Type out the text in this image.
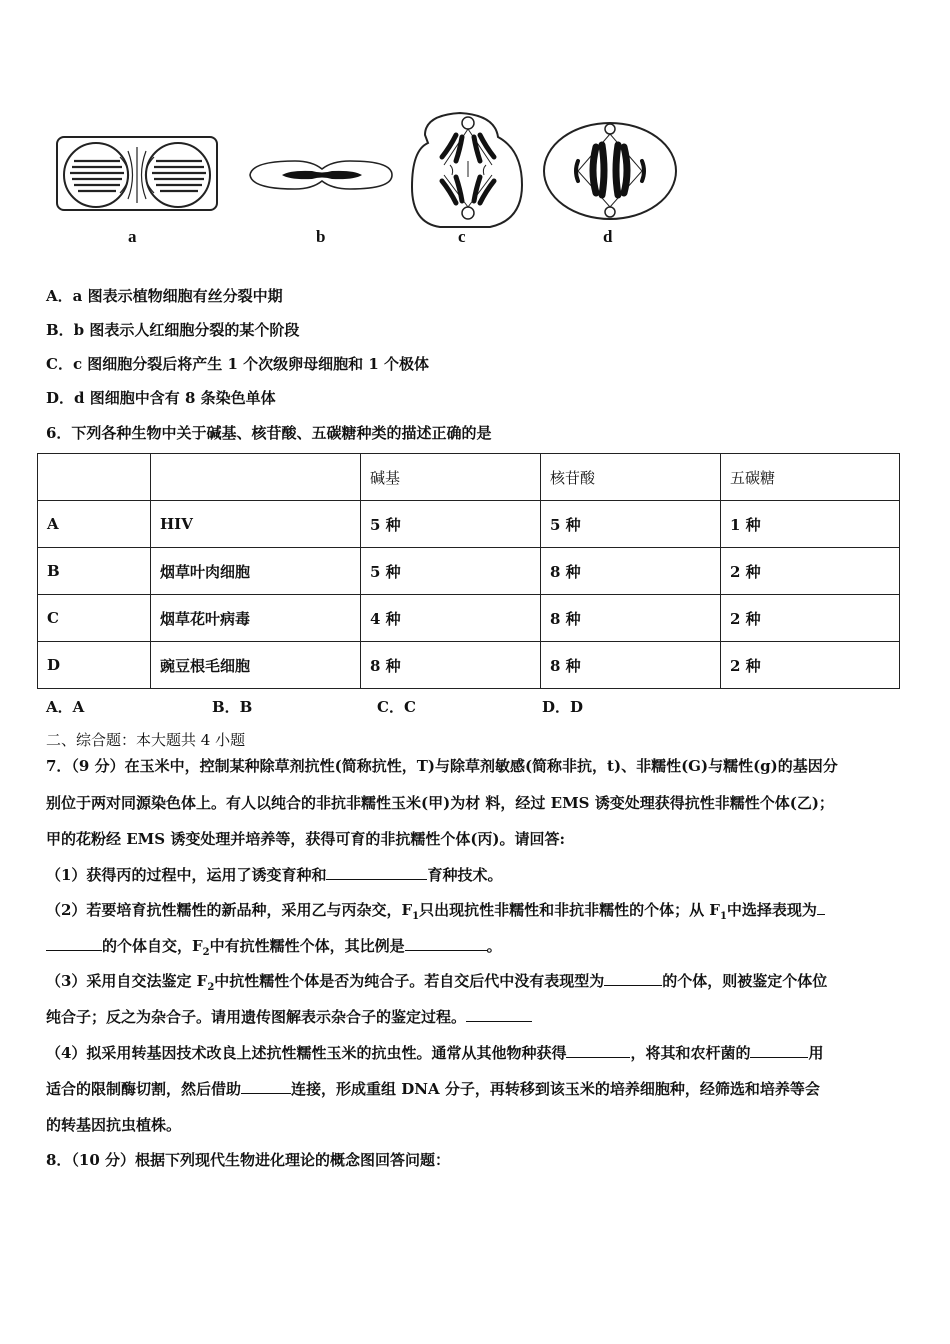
a	b	c	d
A．a 图表示植物细胞有丝分裂中期
B．b 图表示人红细胞分裂的某个阶段
C．c 图细胞分裂后将产生 1 个次级卵母细胞和 1 个极体
D．d 图细胞中含有 8 条染色单体
6．下列各种生物中关于碱基、核苷酸、五碳糖种类的描述正确的是
		碱基	核苷酸	五碳糖
A	HIV	5 种	5 种	1 种
B	烟草叶肉细胞	5 种	8 种	2 种
C	烟草花叶病毒	4 种	8 种	2 种
D	豌豆根毛细胞	8 种	8 种	2 种
A．A	B．B	C．C	D．D
二、综合题：本大题共 4 小题
7．（9 分）在玉米中，控制某种除草剂抗性(简称抗性，T)与除草剂敏感(简称非抗，t)、非糯性(G)与糯性(g)的基因分
别位于两对同源染色体上。有人以纯合的非抗非糯性玉米(甲)为材 料，经过 EMS 诱变处理获得抗性非糯性个体(乙)；
甲的花粉经 EMS 诱变处理并培养等，获得可育的非抗糯性个体(丙)。请回答:
（1）获得丙的过程中，运用了诱变育种和	育种技术。
（2）若要培育抗性糯性的新品种，采用乙与丙杂交，$F_1$只出现抗性非糯性和非抗非糯性的个体；从 $F_1$中选择表现为
的个体自交，$F_2$中有抗性糯性个体，其比例是	。
（3）采用自交法鉴定 $F_2$中抗性糯性个体是否为纯合子。若自交后代中没有表现型为	的个体，则被鉴定个体位
纯合子；反之为杂合子。请用遗传图解表示杂合子的鉴定过程。
（4）拟采用转基因技术改良上述抗性糯性玉米的抗虫性。通常从其他物种获得	，将其和农杆菌的	用
适合的限制酶切割，然后借助	连接，形成重组 DNA 分子，再转移到该玉米的培养细胞种，经筛选和培养等会
的转基因抗虫植株。
8．（10 分）根据下列现代生物进化理论的概念图回答问题：
